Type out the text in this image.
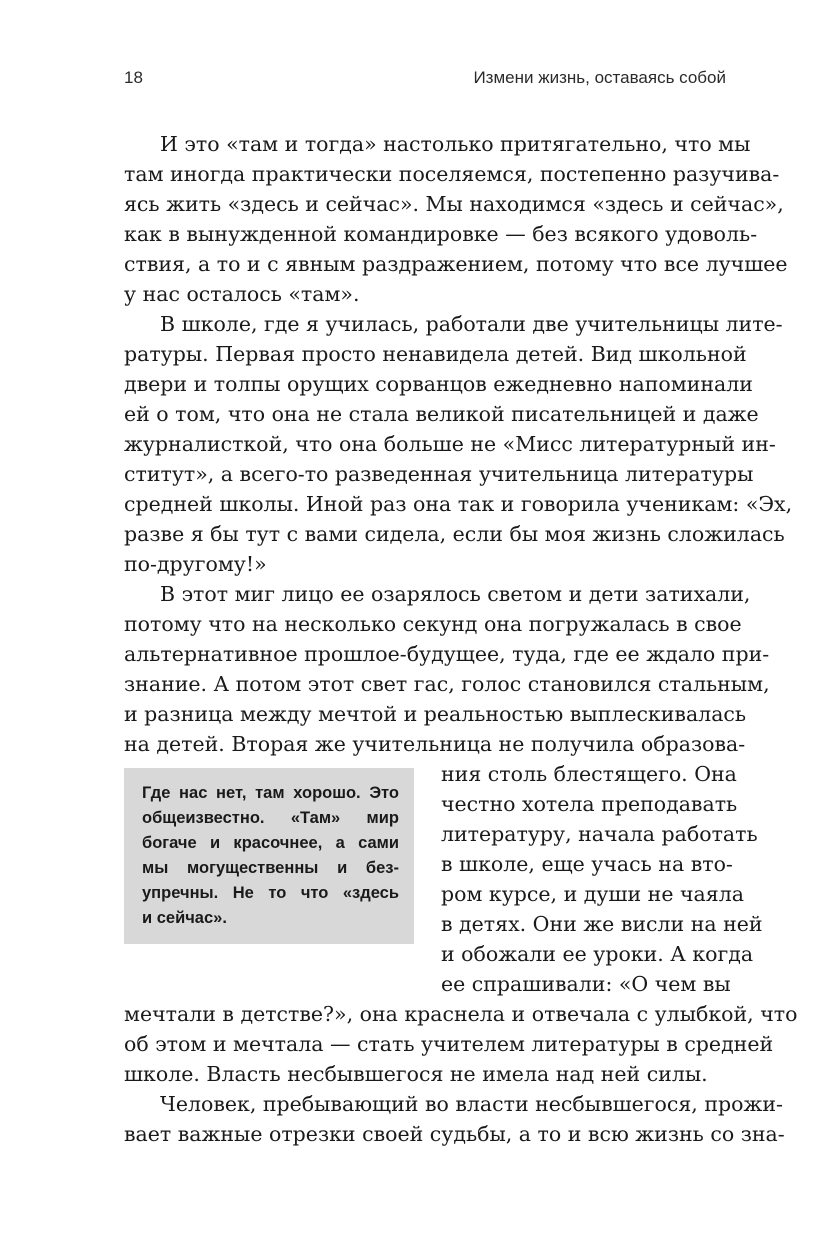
18	Измени жизнь, оставаясь собой
И это «там и тогда» настолько притягательно, что мы
там иногда практически поселяемся, постепенно разучива-
ясь жить «здесь и сейчас». Мы находимся «здесь и сейчас»,
как в вынужденной командировке — без всякого удоволь-
ствия, а то и с явным раздражением, потому что все лучшее
у нас осталось «там».
В школе, где я училась, работали две учительницы лите-
ратуры. Первая просто ненавидела детей. Вид школьной
двери и толпы орущих сорванцов ежедневно напоминали
ей о том, что она не стала великой писательницей и даже
журналисткой, что она больше не «Мисс литературный ин-
ститут», а всего-то разведенная учительница литературы
средней школы. Иной раз она так и говорила ученикам: «Эх,
разве я бы тут с вами сидела, если бы моя жизнь сложилась
по-другому!»
В этот миг лицо ее озарялось светом и дети затихали,
потому что на несколько секунд она погружалась в свое
альтернативное прошлое-будущее, туда, где ее ждало при-
знание. А потом этот свет гас, голос становился стальным,
и разница между мечтой и реальностью выплескивалась
на детей. Вторая же учительница не получила образова-
ния столь блестящего. Она
честно хотела преподавать
литературу, начала работать
в школе, еще учась на вто-
ром курсе, и души не чаяла
в детях. Они же висли на ней
и обожали ее уроки. А когда
ее спрашивали: «О чем вы
мечтали в детстве?», она краснела и отвечала с улыбкой, что
об этом и мечтала — стать учителем литературы в средней
школе. Власть несбывшегося не имела над ней силы.
Человек, пребывающий во власти несбывшегося, прожи-
вает важные отрезки своей судьбы, а то и всю жизнь со зна-
Где нас нет, там хорошо. Это
общеизвестно. «Там» мир
богаче и красочнее, а сами
мы могущественны и без-
упречны. Не то что «здесь
и сейчас».
